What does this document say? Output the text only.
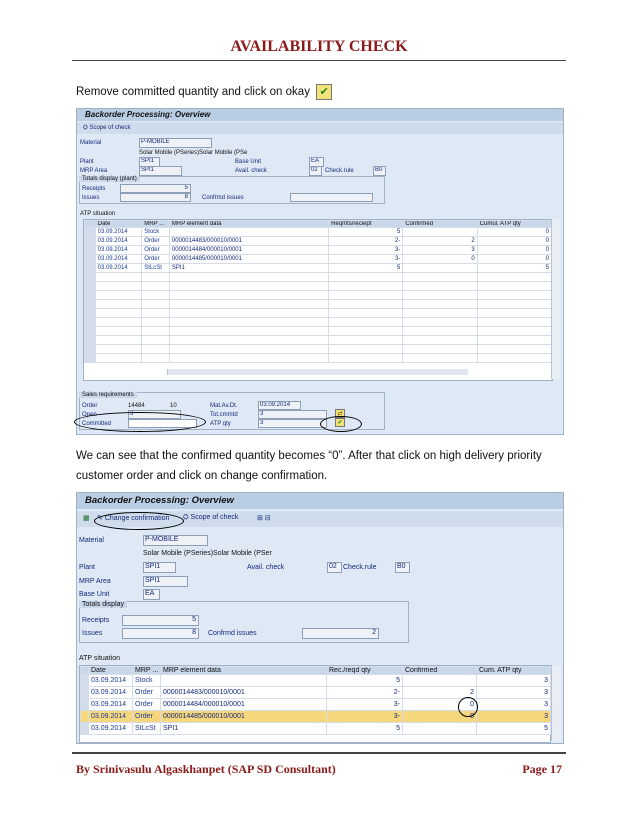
AVAILABILITY CHECK
Remove committed quantity and click on okay ✔
Backorder Processing: Overview
⛭ Scope of check
Material	P-MOBILE
Solar Mobile (PSeries)Solar Mobile (PSe
Plant	SPI1	Base Unit	EA
MRP Area	SPI1	Avail. check	02	Check.rule	B0
Totals display (plant)
Receipts	5
Issues	8	Confrmd issues
ATP situation
	Date	MRP ...	MRP element data	Reqmts/receipt	Confirmed	Cumul. ATP qty
	03.09.2014	Stock		5		0
	03.09.2014	Order	0000014483/000010/0001	2-	2	0
	03.09.2014	Order	0000014484/000010/0001	3-	3	0
	03.09.2014	Order	0000014485/000010/0001	3-	0	0
	03.09.2014	StLcSt	SPI1	5		5

Sales requirements
Order	14484	10
Open	3
Committed
Mat.Av.Dt.	03.09.2014
Tot.cmmtd	3
ATP qty	3
⇄
✔
We can see that the confirmed quantity becomes “0”. After that click on high delivery priority customer order and click on change confirmation.
Backorder Processing: Overview
▦ ✎ Change confirmation ⛭ Scope of check	⊞ ⊟
Material	P-MOBILE
Solar Mobile (PSeries)Solar Mobile (PSer
Plant	SPI1	Avail. check	02 Check.rule	B0
MRP Area	SPI1
Base Unit	EA
Totals display
Receipts	5
Issues	8	Confrmd issues	2
ATP situation
	Date	MRP ...	MRP element data	Rec./reqd qty	Confirmed	Cum. ATP qty
	03.09.2014	Stock		5		3
	03.09.2014	Order	0000014483/000010/0001	2-	2	3
	03.09.2014	Order	0000014484/000010/0001	3-	0	3
	03.09.2014	Order	0000014485/000010/0001	3-	0	3
	03.09.2014	StLcSt	SPI1	5		5
By Srinivasulu Algaskhanpet (SAP SD Consultant)	Page 17
